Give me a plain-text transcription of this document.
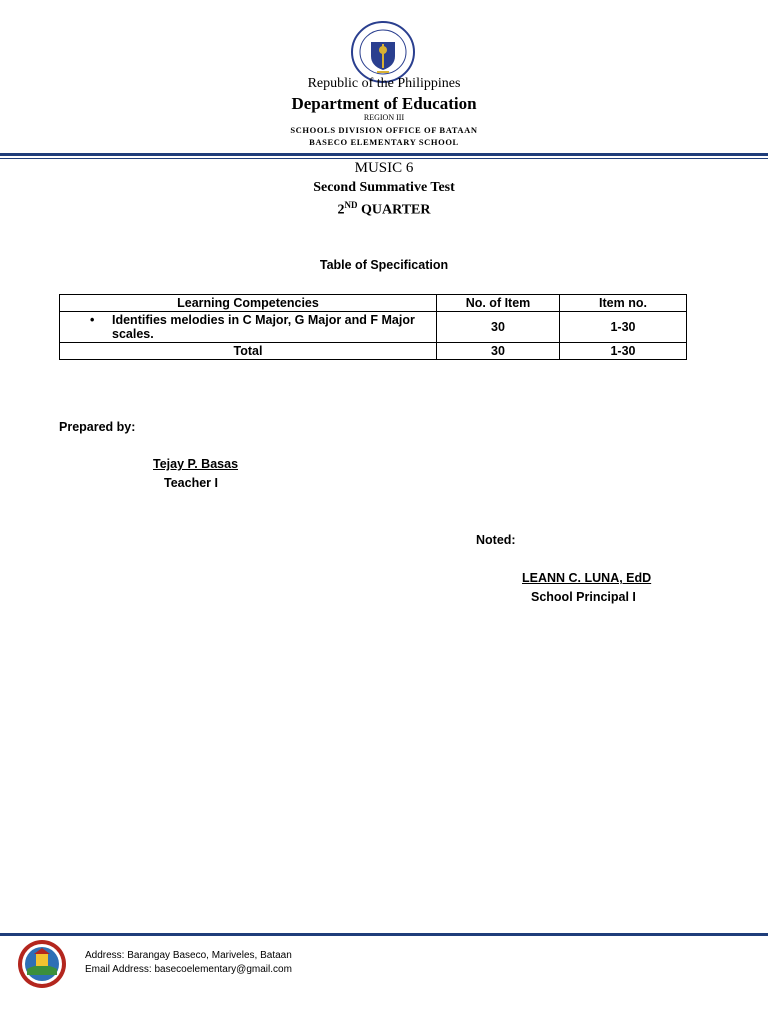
Republic of the Philippines
Department of Education
REGION III
SCHOOLS DIVISION OFFICE OF BATAAN
BASECO ELEMENTARY SCHOOL
MUSIC 6
Second Summative Test
2ND QUARTER
Table of Specification
Learning Competencies	No. of Item	Item no.

• Identifies melodies in C Major, G Major and F Major scales.	30	1-30
Total	30	1-30
Prepared by:
Tejay P. Basas
Teacher I
Noted:
LEANN C. LUNA, EdD
School Principal I
Address: Barangay Baseco, Mariveles, Bataan
Email Address: basecoelementary@gmail.com
